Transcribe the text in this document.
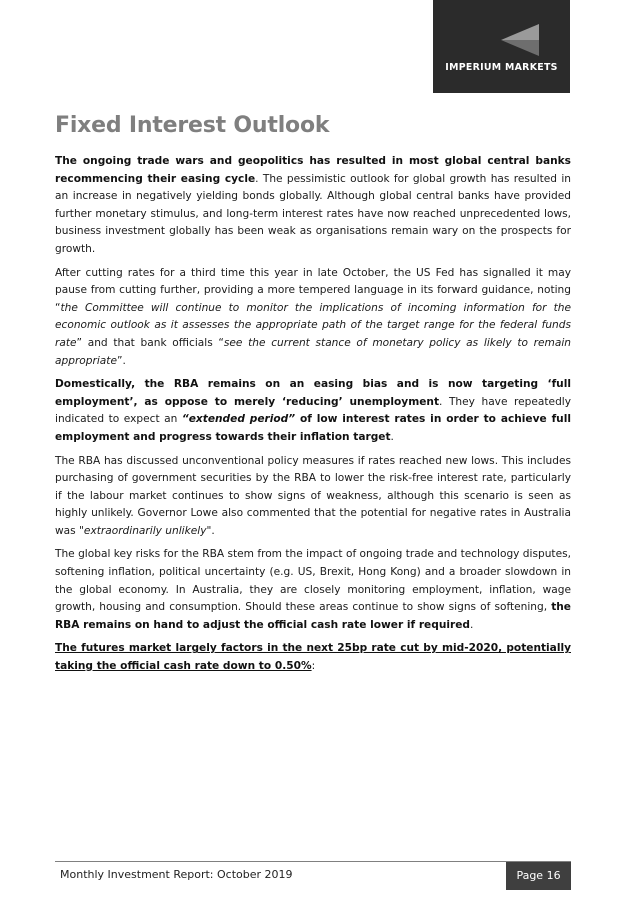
IMPERIUM MARKETS
Fixed Interest Outlook

The ongoing trade wars and geopolitics has resulted in most global central banks recommencing their easing cycle. The pessimistic outlook for global growth has resulted in an increase in negatively yielding bonds globally. Although global central banks have provided further monetary stimulus, and long-term interest rates have now reached unprecedented lows, business investment globally has been weak as organisations remain wary on the prospects for growth.

After cutting rates for a third time this year in late October, the US Fed has signalled it may pause from cutting further, providing a more tempered language in its forward guidance, noting “the Committee will continue to monitor the implications of incoming information for the economic outlook as it assesses the appropriate path of the target range for the federal funds rate” and that bank officials “see the current stance of monetary policy as likely to remain appropriate”.

Domestically, the RBA remains on an easing bias and is now targeting ‘full employment’, as oppose to merely ‘reducing’ unemployment. They have repeatedly indicated to expect an “extended period” of low interest rates in order to achieve full employment and progress towards their inflation target.

The RBA has discussed unconventional policy measures if rates reached new lows. This includes purchasing of government securities by the RBA to lower the risk-free interest rate, particularly if the labour market continues to show signs of weakness, although this scenario is seen as highly unlikely. Governor Lowe also commented that the potential for negative rates in Australia was "extraordinarily unlikely".

The global key risks for the RBA stem from the impact of ongoing trade and technology disputes, softening inflation, political uncertainty (e.g. US, Brexit, Hong Kong) and a broader slowdown in the global economy. In Australia, they are closely monitoring employment, inflation, wage growth, housing and consumption. Should these areas continue to show signs of softening, the RBA remains on hand to adjust the official cash rate lower if required.

The futures market largely factors in the next 25bp rate cut by mid-2020, potentially taking the official cash rate down to 0.50%:

Monthly Investment Report: October 2019	Page 16
